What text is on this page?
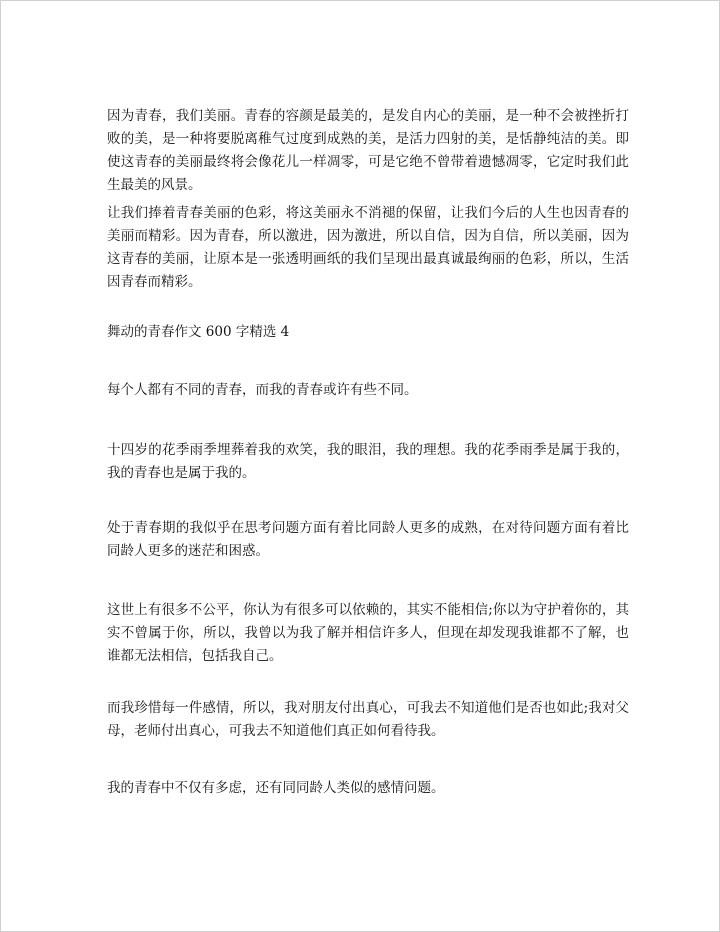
因为青春，我们美丽。青春的容颜是最美的，是发自内心的美丽，是一种不会被挫折打败的美，是一种将要脱离稚气过度到成熟的美，是活力四射的美，是恬静纯洁的美。即使这青春的美丽最终将会像花儿一样凋零，可是它绝不曾带着遗憾凋零，它定时我们此生最美的风景。

让我们捧着青春美丽的色彩，将这美丽永不消褪的保留，让我们今后的人生也因青春的美丽而精彩。因为青春，所以激进，因为激进，所以自信，因为自信，所以美丽，因为这青春的美丽，让原本是一张透明画纸的我们呈现出最真诚最绚丽的色彩，所以，生活因青春而精彩。

舞动的青春作文 600 字精选 4

每个人都有不同的青春，而我的青春或许有些不同。

十四岁的花季雨季埋葬着我的欢笑，我的眼泪，我的理想。我的花季雨季是属于我的，我的青春也是属于我的。

处于青春期的我似乎在思考问题方面有着比同龄人更多的成熟，在对待问题方面有着比同龄人更多的迷茫和困惑。

这世上有很多不公平，你认为有很多可以依赖的，其实不能相信;你以为守护着你的，其实不曾属于你，所以，我曾以为我了解并相信许多人，但现在却发现我谁都不了解，也谁都无法相信，包括我自己。

而我珍惜每一件感情，所以，我对朋友付出真心，可我去不知道他们是否也如此;我对父母，老师付出真心，可我去不知道他们真正如何看待我。

我的青春中不仅有多虑，还有同同龄人类似的感情问题。
